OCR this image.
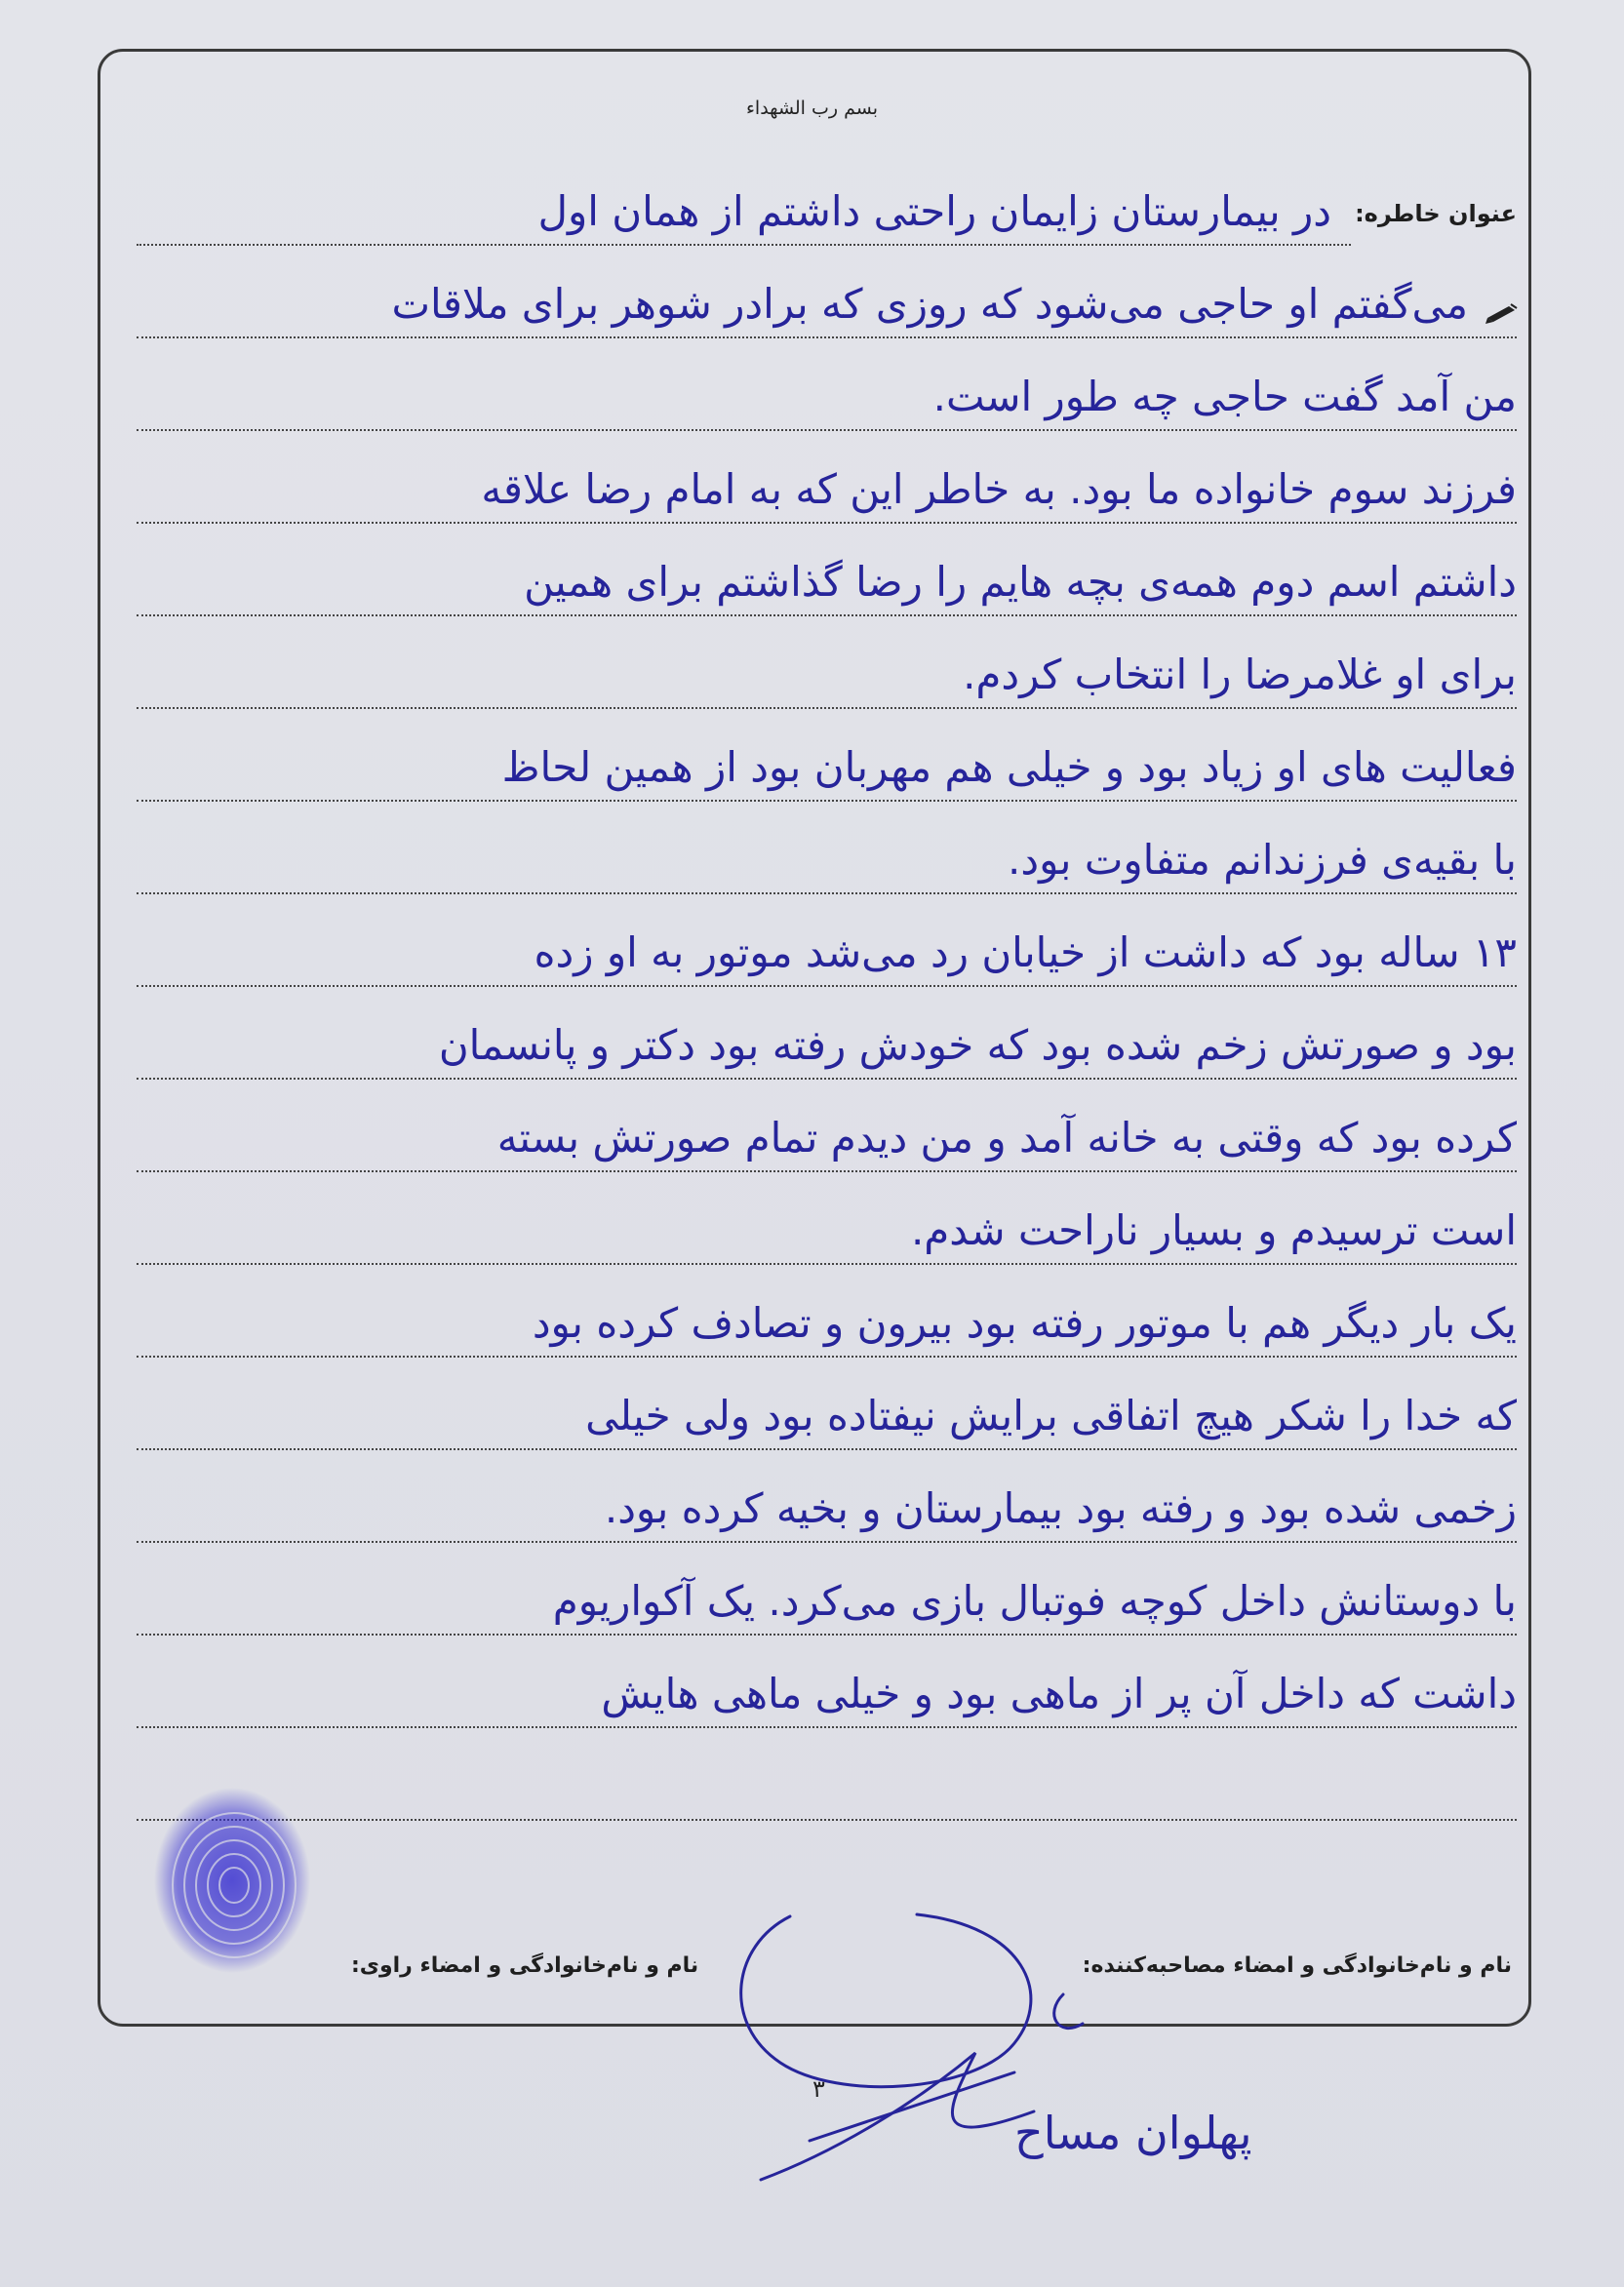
بسم رب الشهداء
عنوان خاطره:
در بیمارستان زایمان راحتی داشتم از همان اول
می‌گفتم او حاجی می‌شود که روزی که برادر شوهر برای ملاقات
من آمد گفت حاجی چه طور است.
فرزند سوم خانواده ما بود. به خاطر این که به امام رضا علاقه
داشتم اسم دوم همه‌ی بچه هایم را رضا گذاشتم برای همین
برای او غلامرضا را انتخاب کردم.
فعالیت های او زیاد بود و خیلی هم مهربان بود از همین لحاظ
با بقیه‌ی فرزندانم متفاوت بود.
۱۳ ساله بود که داشت از خیابان رد می‌شد موتور به او زده
بود و صورتش زخم شده بود که خودش رفته بود دکتر و پانسمان
کرده بود که وقتی به خانه آمد و من دیدم تمام صورتش بسته
است ترسیدم و بسیار ناراحت شدم.
یک بار دیگر هم با موتور رفته بود بیرون و تصادف کرده بود
که خدا را شکر هیچ اتفاقی برایش نیفتاده بود ولی خیلی
زخمی شده بود و رفته بود بیمارستان و بخیه کرده بود.
با دوستانش داخل کوچه فوتبال بازی می‌کرد. یک آکواریوم
داشت که داخل آن پر از ماهی بود و خیلی ماهی هایش
پهلوان مساح
نام و نام‌خانوادگی و امضاء راوی:	نام و نام‌خانوادگی و امضاء مصاحبه‌کننده:
۳
